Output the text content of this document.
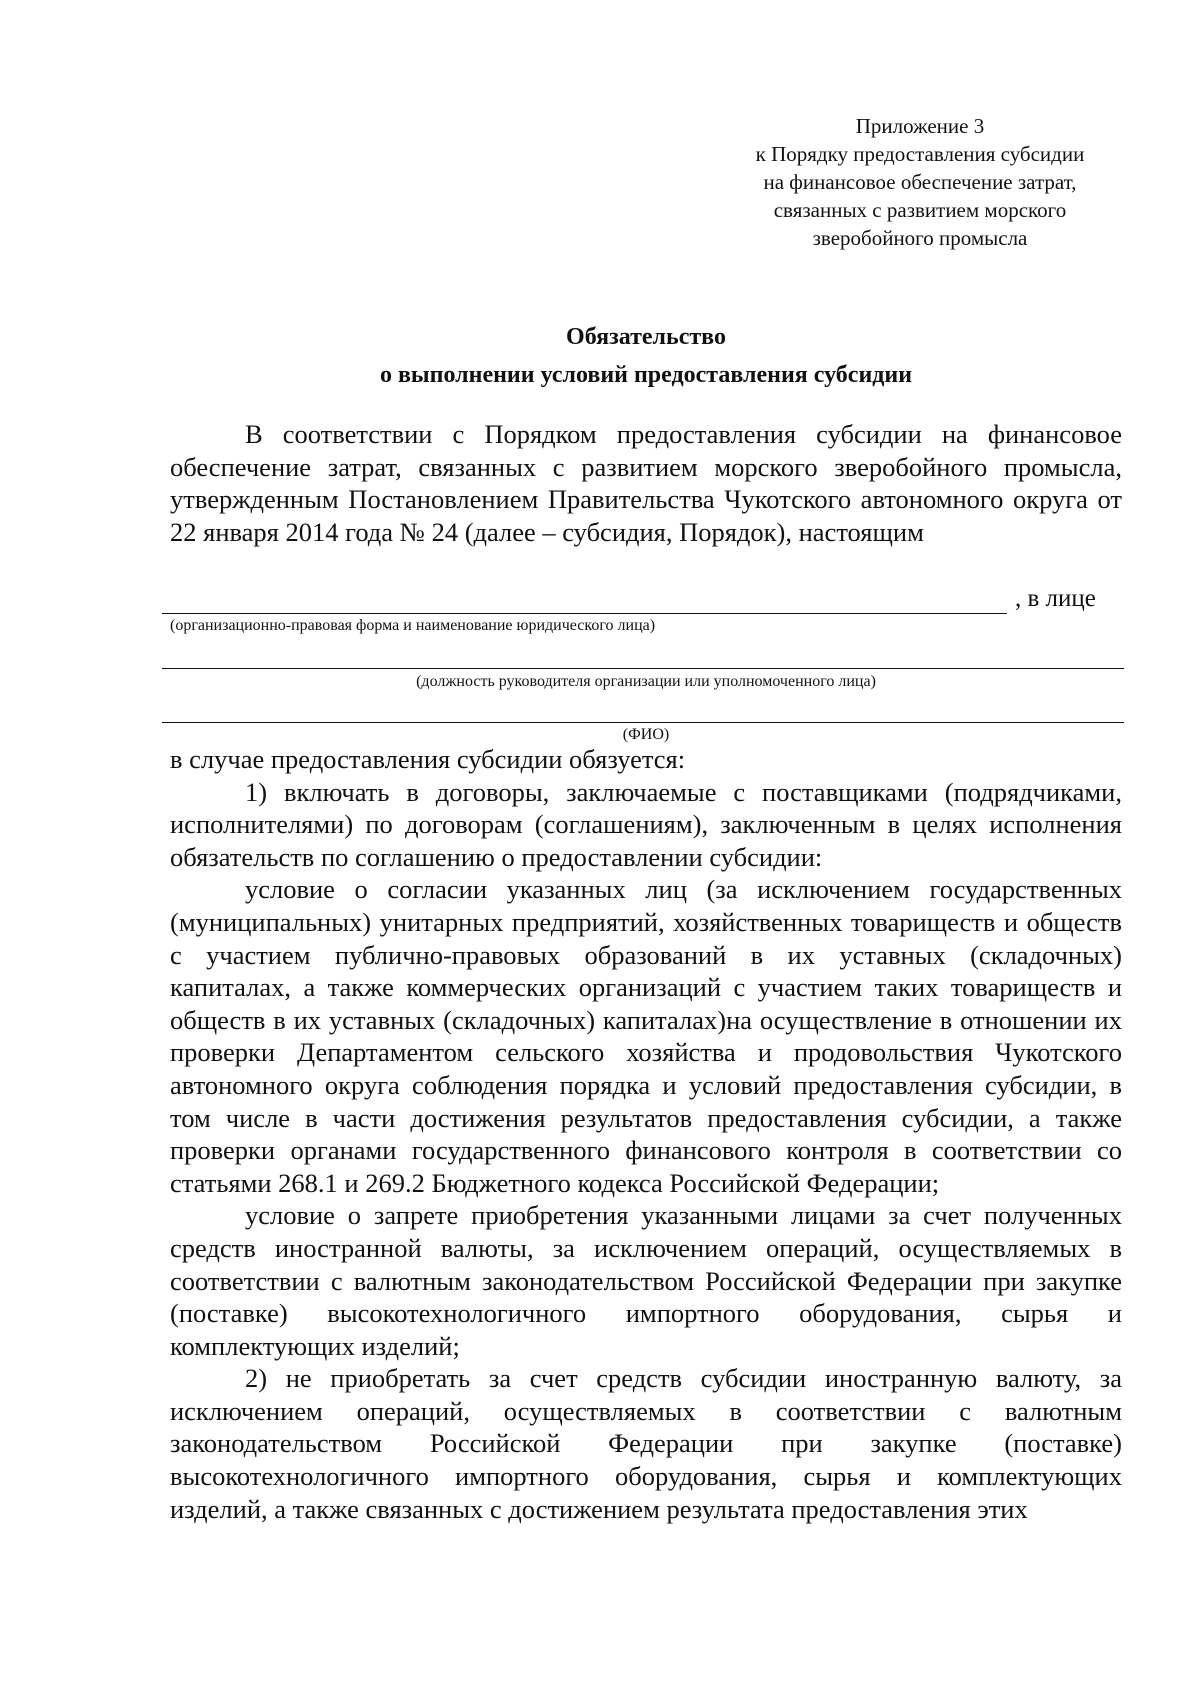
Приложение 3
к Порядку предоставления субсидии
на финансовое обеспечение затрат,
связанных с развитием морского
зверобойного промысла
Обязательство
о выполнении условий предоставления субсидии

В соответствии с Порядком предоставления субсидии на финансовое обеспечение затрат, связанных с развитием морского зверобойного промысла, утвержденным Постановлением Правительства Чукотского автономного округа от 22 января 2014 года № 24 (далее – субсидия, Порядок), настоящим

, в лице
(организационно-правовая форма и наименование юридического лица)
(должность руководителя организации или уполномоченного лица)
(ФИО)

в случае предоставления субсидии обязуется:

1) включать в договоры, заключаемые с поставщиками (подрядчиками, исполнителями) по договорам (соглашениям), заключенным в целях исполнения обязательств по соглашению о предоставлении субсидии:

условие о согласии указанных лиц (за исключением государственных (муниципальных) унитарных предприятий, хозяйственных товариществ и обществ с участием публично-правовых образований в их уставных (складочных) капиталах, а также коммерческих организаций с участием таких товариществ и обществ в их уставных (складочных) капиталах)на осуществление в отношении их проверки Департаментом сельского хозяйства и продовольствия Чукотского автономного округа соблюдения порядка и условий предоставления субсидии, в том числе в части достижения результатов предоставления субсидии, а также проверки органами государственного финансового контроля в соответствии со статьями 268.1 и 269.2 Бюджетного кодекса Российской Федерации;

условие о запрете приобретения указанными лицами за счет полученных средств иностранной валюты, за исключением операций, осуществляемых в соответствии с валютным законодательством Российской Федерации при закупке (поставке) высокотехнологичного импортного оборудования, сырья и комплектующих изделий;

2) не приобретать за счет средств субсидии иностранную валюту, за исключением операций, осуществляемых в соответствии с валютным законодательством Российской Федерации при закупке (поставке) высокотехнологичного импортного оборудования, сырья и комплектующих изделий, а также связанных с достижением результата предоставления этих
